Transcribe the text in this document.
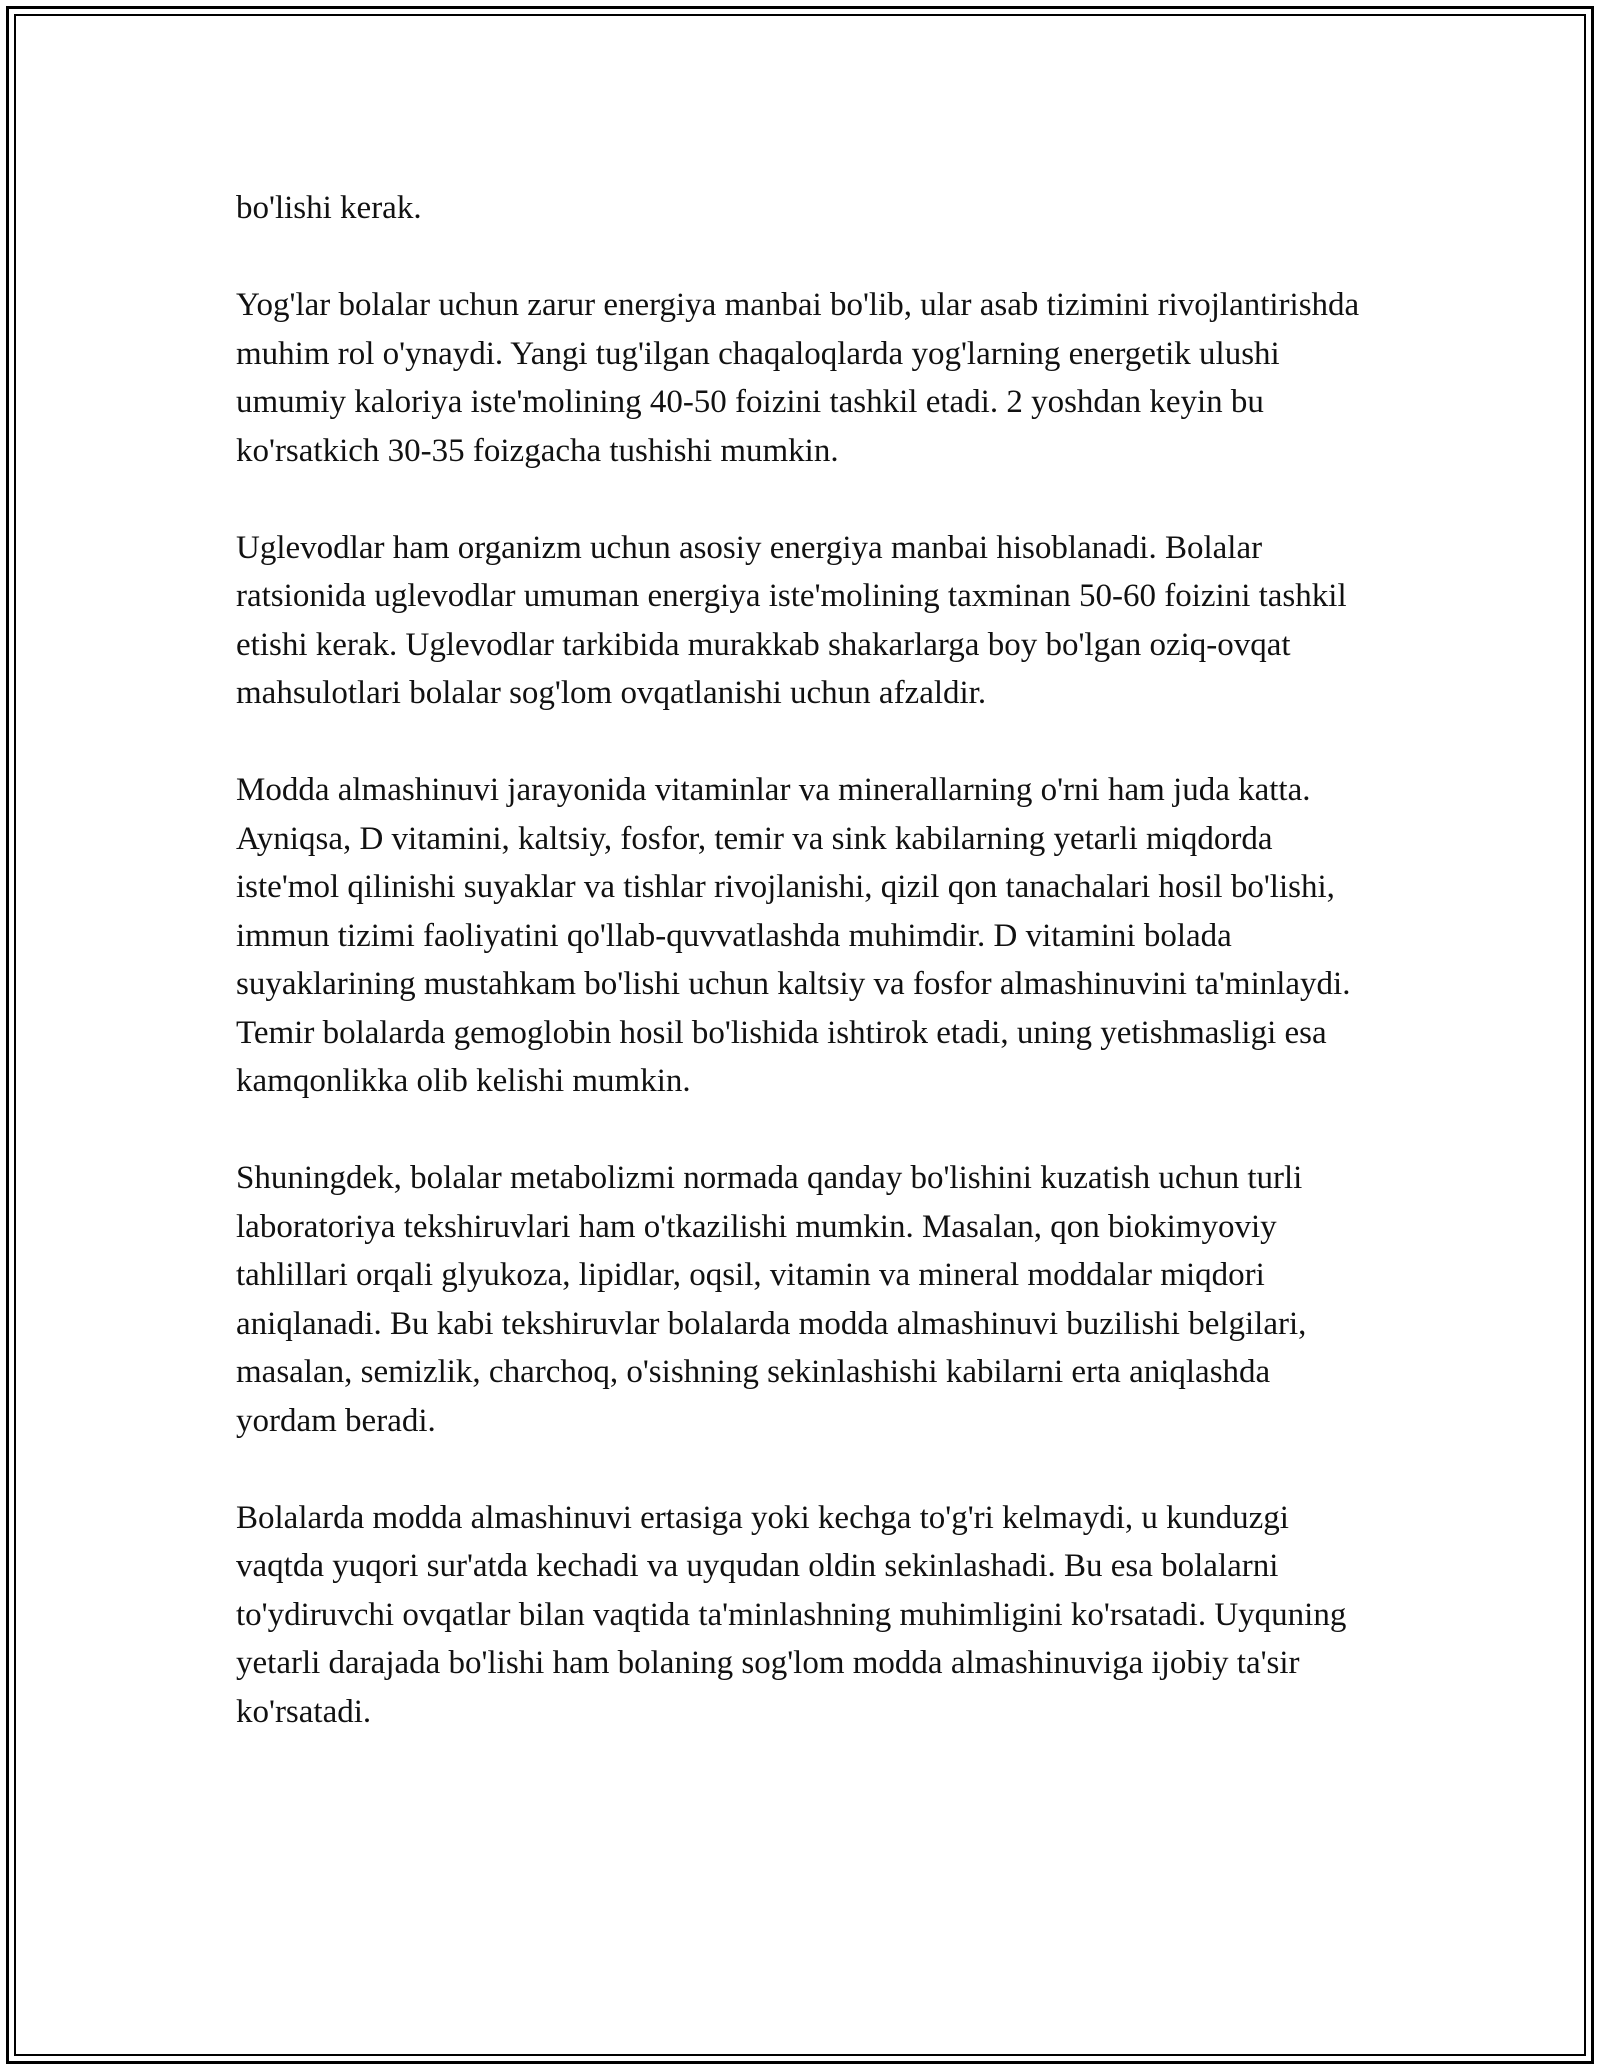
bo'lishi kerak.

Yog'lar bolalar uchun zarur energiya manbai bo'lib, ular asab tizimini rivojlantirishda muhim rol o'ynaydi. Yangi tug'ilgan chaqaloqlarda yog'larning energetik ulushi umumiy kaloriya iste'molining 40-50 foizini tashkil etadi. 2 yoshdan keyin bu ko'rsatkich 30-35 foizgacha tushishi mumkin.

Uglevodlar ham organizm uchun asosiy energiya manbai hisoblanadi. Bolalar ratsionida uglevodlar umuman energiya iste'molining taxminan 50-60 foizini tashkil etishi kerak. Uglevodlar tarkibida murakkab shakarlarga boy bo'lgan oziq-ovqat mahsulotlari bolalar sog'lom ovqatlanishi uchun afzaldir.

Modda almashinuvi jarayonida vitaminlar va minerallarning o'rni ham juda katta. Ayniqsa, D vitamini, kaltsiy, fosfor, temir va sink kabilarning yetarli miqdorda iste'mol qilinishi suyaklar va tishlar rivojlanishi, qizil qon tanachalari hosil bo'lishi, immun tizimi faoliyatini qo'llab-quvvatlashda muhimdir. D vitamini bolada suyaklarining mustahkam bo'lishi uchun kaltsiy va fosfor almashinuvini ta'minlaydi. Temir bolalarda gemoglobin hosil bo'lishida ishtirok etadi, uning yetishmasligi esa kamqonlikka olib kelishi mumkin.

Shuningdek, bolalar metabolizmi normada qanday bo'lishini kuzatish uchun turli laboratoriya tekshiruvlari ham o'tkazilishi mumkin. Masalan, qon biokimyoviy tahlillari orqali glyukoza, lipidlar, oqsil, vitamin va mineral moddalar miqdori aniqlanadi. Bu kabi tekshiruvlar bolalarda modda almashinuvi buzilishi belgilari, masalan, semizlik, charchoq, o'sishning sekinlashishi kabilarni erta aniqlashda yordam beradi.

Bolalarda modda almashinuvi ertasiga yoki kechga to'g'ri kelmaydi, u kunduzgi vaqtda yuqori sur'atda kechadi va uyqudan oldin sekinlashadi. Bu esa bolalarni to'ydiruvchi ovqatlar bilan vaqtida ta'minlashning muhimligini ko'rsatadi. Uyquning yetarli darajada bo'lishi ham bolaning sog'lom modda almashinuviga ijobiy ta'sir ko'rsatadi.
